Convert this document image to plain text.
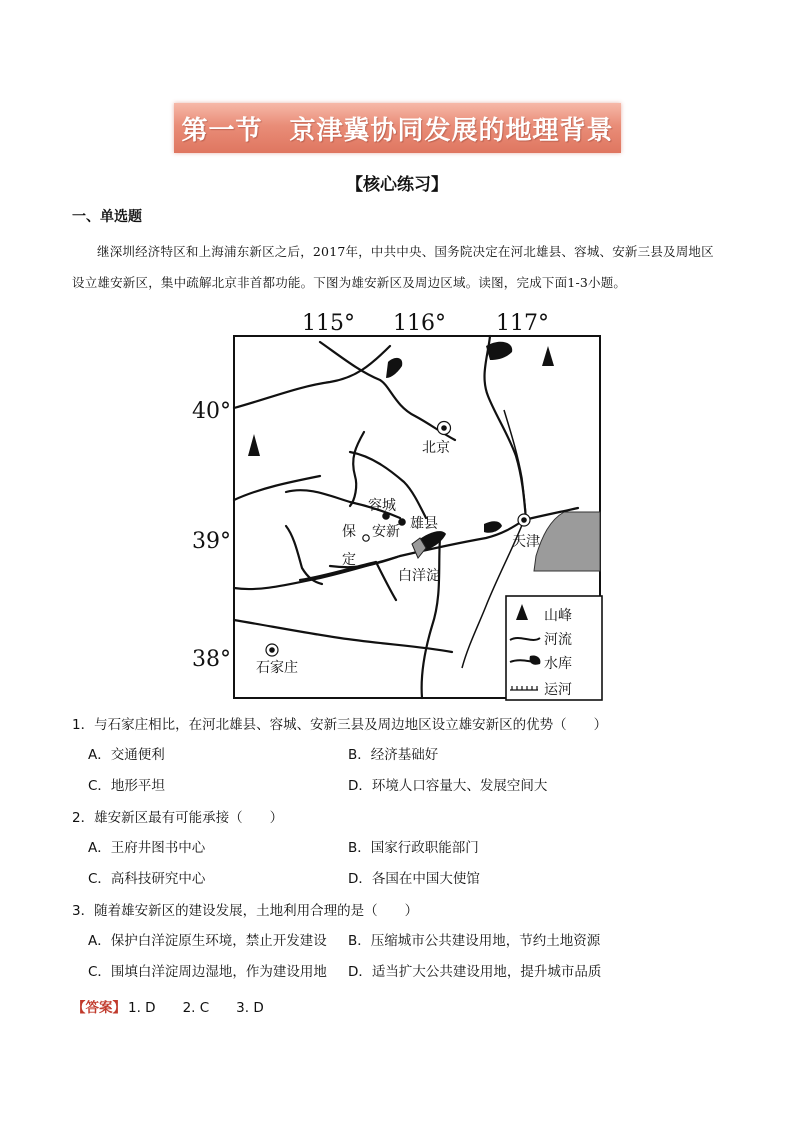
第一节　京津冀协同发展的地理背景
【核心练习】
一、单选题
继深圳经济特区和上海浦东新区之后，2017年，中共中央、国务院决定在河北雄县、容城、安新三县及周地区设立雄安新区，集中疏解北京非首都功能。下图为雄安新区及周边区域。读图，完成下面1-3小题。
115° 116° 117°
40°
39°
38°
北京
容城
安新 雄县
保
定
天津
白洋淀
石家庄
山峰
河流
水库
运河
1．与石家庄相比，在河北雄县、容城、安新三县及周边地区设立雄安新区的优势（　　）
A．交通便利	B．经济基础好
C．地形平坦	D．环境人口容量大、发展空间大
2．雄安新区最有可能承接（　　）
A．王府井图书中心	B．国家行政职能部门
C．高科技研究中心	D．各国在中国大使馆
3．随着雄安新区的建设发展，土地利用合理的是（　　）
A．保护白洋淀原生环境，禁止开发建设	B．压缩城市公共建设用地，节约土地资源
C．围填白洋淀周边湿地，作为建设用地	D．适当扩大公共建设用地，提升城市品质
【答案】 1. D　　2. C　　3. D
